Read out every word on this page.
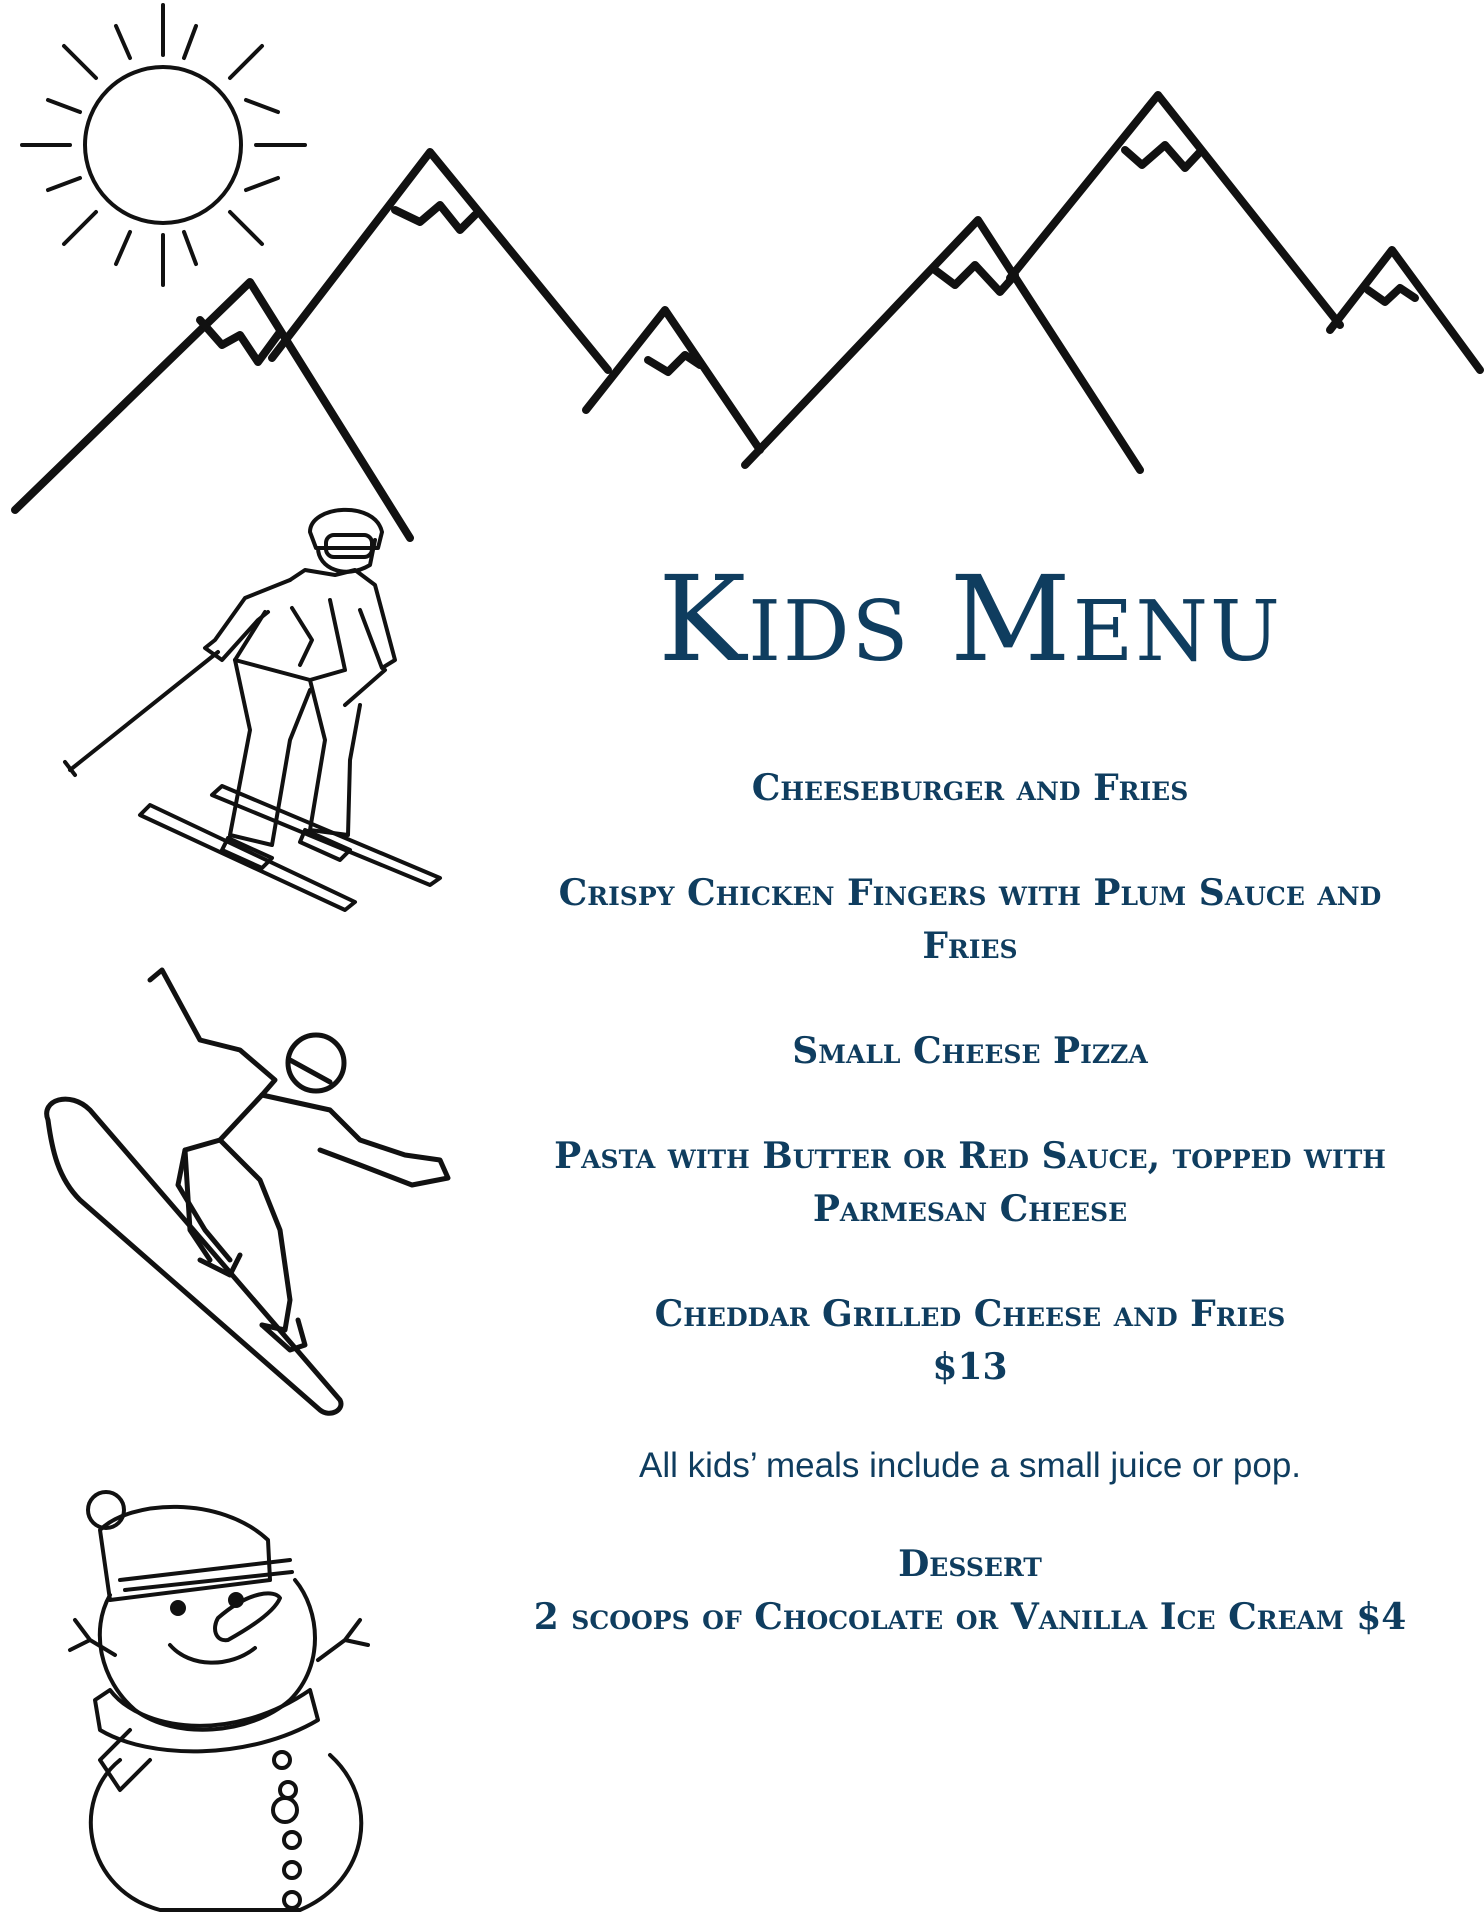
Kids Menu

Cheeseburger and Fries

Crispy Chicken Fingers with Plum Sauce and Fries

Small Cheese Pizza

Pasta with Butter or Red Sauce, topped with Parmesan Cheese

Cheddar Grilled Cheese and Fries
$13

All kids’ meals include a small juice or pop.

Dessert
2 scoops of Chocolate or Vanilla Ice Cream $4
